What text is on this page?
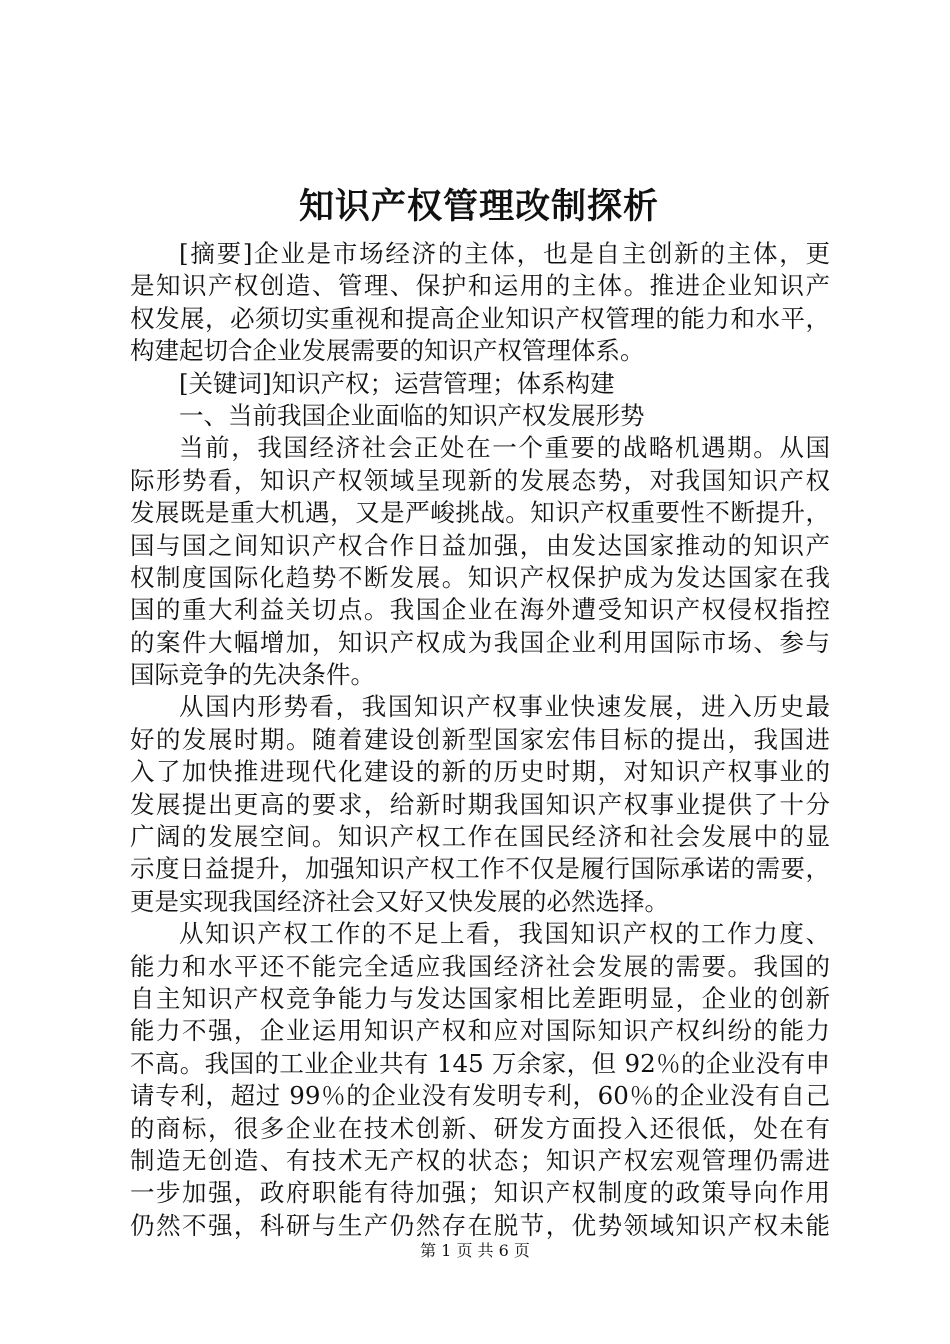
知识产权管理改制探析
[摘要]企业是市场经济的主体，也是自主创新的主体，更
是知识产权创造、管理、保护和运用的主体。推进企业知识产
权发展，必须切实重视和提高企业知识产权管理的能力和水平，
构建起切合企业发展需要的知识产权管理体系。
[关键词]知识产权；运营管理；体系构建
一、当前我国企业面临的知识产权发展形势
当前，我国经济社会正处在一个重要的战略机遇期。从国
际形势看，知识产权领域呈现新的发展态势，对我国知识产权
发展既是重大机遇，又是严峻挑战。知识产权重要性不断提升，
国与国之间知识产权合作日益加强，由发达国家推动的知识产
权制度国际化趋势不断发展。知识产权保护成为发达国家在我
国的重大利益关切点。我国企业在海外遭受知识产权侵权指控
的案件大幅增加，知识产权成为我国企业利用国际市场、参与
国际竞争的先决条件。
从国内形势看，我国知识产权事业快速发展，进入历史最
好的发展时期。随着建设创新型国家宏伟目标的提出，我国进
入了加快推进现代化建设的新的历史时期，对知识产权事业的
发展提出更高的要求，给新时期我国知识产权事业提供了十分
广阔的发展空间。知识产权工作在国民经济和社会发展中的显
示度日益提升，加强知识产权工作不仅是履行国际承诺的需要，
更是实现我国经济社会又好又快发展的必然选择。
从知识产权工作的不足上看，我国知识产权的工作力度、
能力和水平还不能完全适应我国经济社会发展的需要。我国的
自主知识产权竞争能力与发达国家相比差距明显，企业的创新
能力不强，企业运用知识产权和应对国际知识产权纠纷的能力
不高。我国的工业企业共有 145 万余家，但 92％的企业没有申
请专利，超过 99％的企业没有发明专利，60％的企业没有自己
的商标，很多企业在技术创新、研发方面投入还很低，处在有
制造无创造、有技术无产权的状态；知识产权宏观管理仍需进
一步加强，政府职能有待加强；知识产权制度的政策导向作用
仍然不强，科研与生产仍然存在脱节，优势领域知识产权未能
第 1 页 共 6 页
